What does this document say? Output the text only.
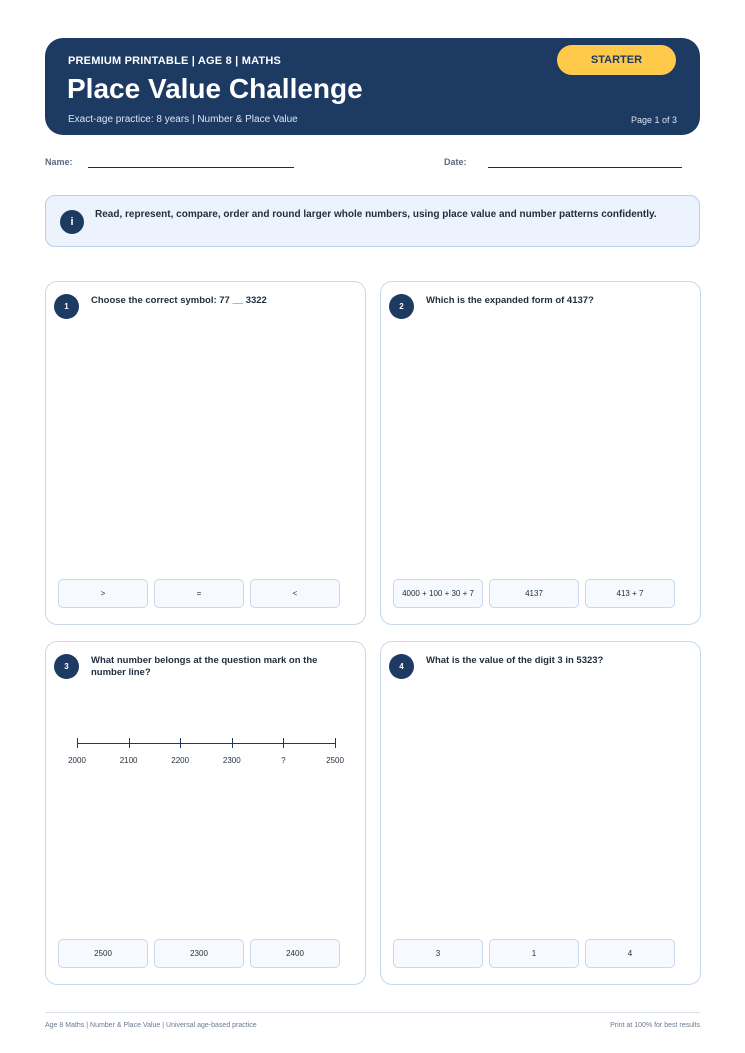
PREMIUM PRINTABLE | AGE 8 | MATHS
Place Value Challenge
Exact-age practice: 8 years | Number & Place Value	Page 1 of 3
STARTER
Name:	Date:
i
Read, represent, compare, order and round larger whole numbers, using place value and number patterns confidently.
1
Choose the correct symbol: 77 __ 3322
>	=	<
2
Which is the expanded form of 4137?
4000 + 100 + 30 + 7	4137	413 + 7
3
What number belongs at the question mark on the number line?
2000	2100	2200	2300	?	2500
2500	2300	2400
4
What is the value of the digit 3 in 5323?
3	1	4
Age 8 Maths | Number & Place Value | Universal age-based practice	Print at 100% for best results
